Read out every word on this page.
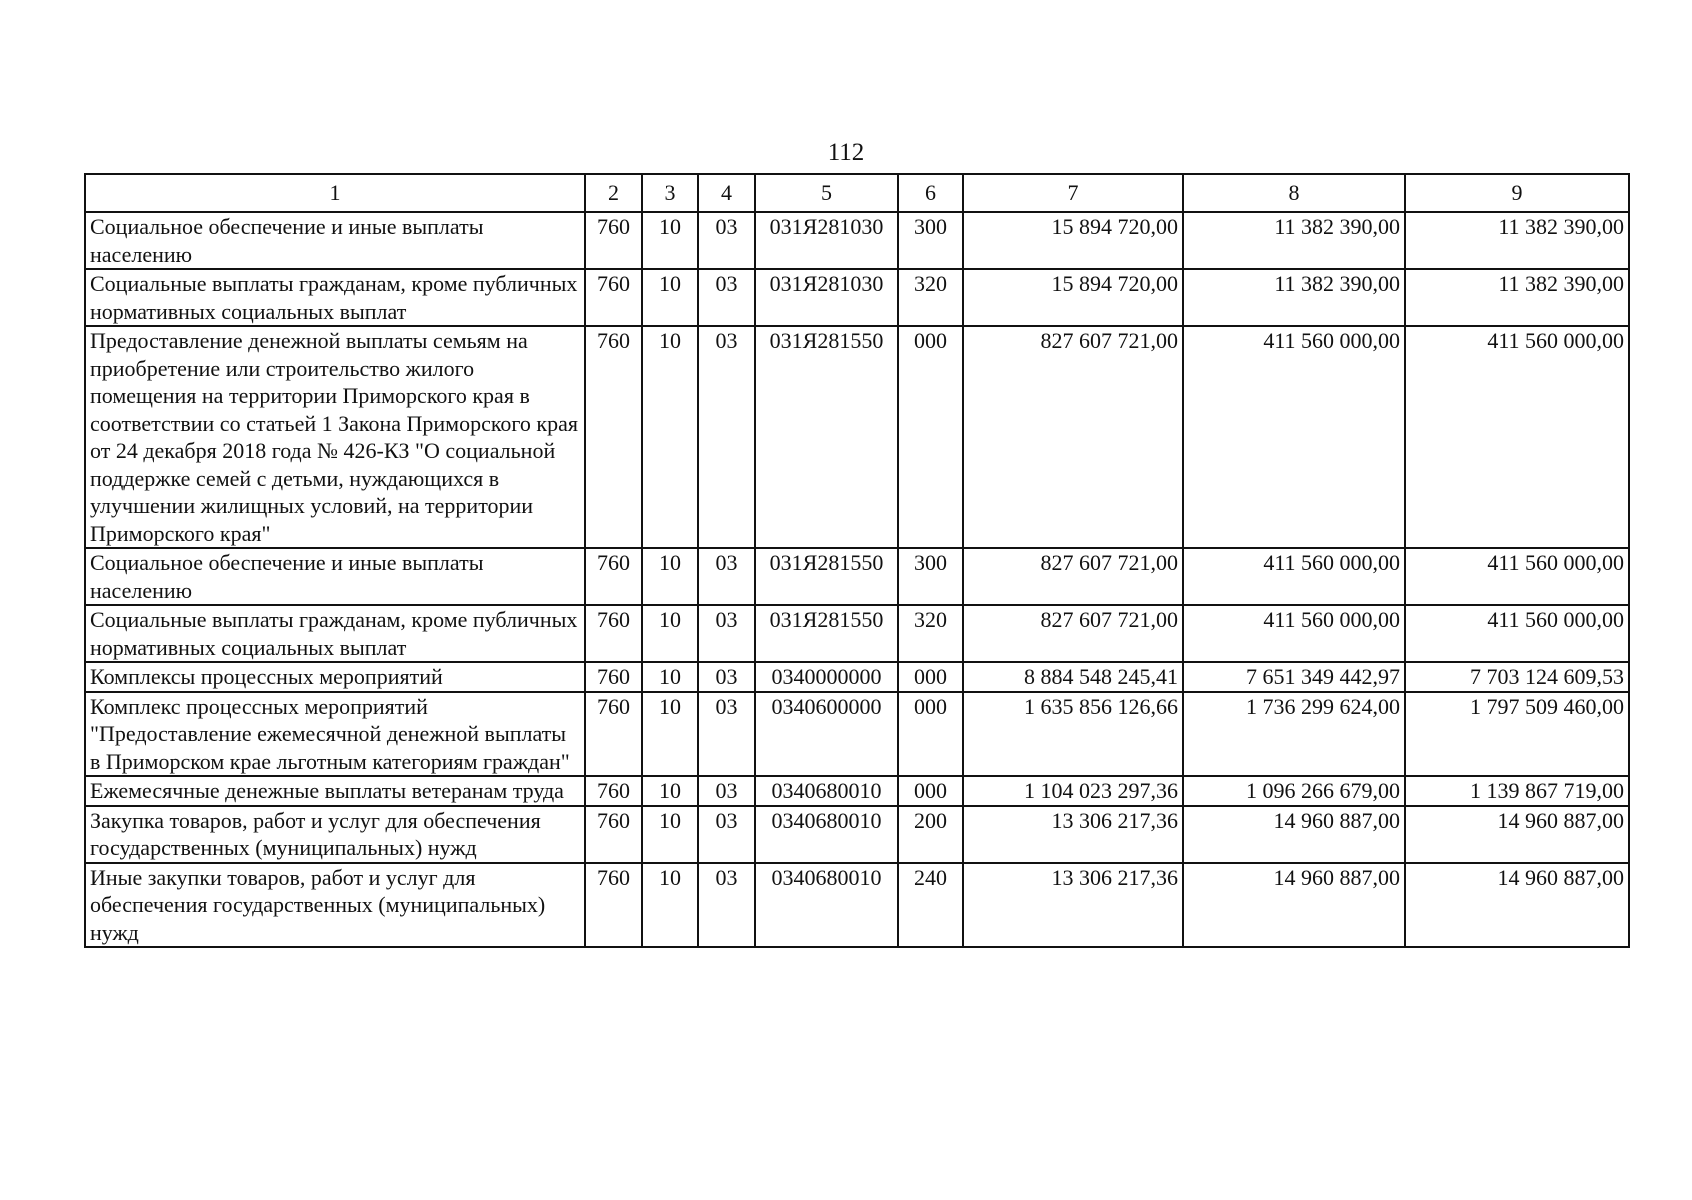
112
1	2	3	4	5	6	7	8	9
Социальное обеспечение и иные выплаты населению	760	10	03	031Я281030	300	15 894 720,00	11 382 390,00	11 382 390,00
Социальные выплаты гражданам, кроме публичных нормативных социальных выплат	760	10	03	031Я281030	320	15 894 720,00	11 382 390,00	11 382 390,00
Предоставление денежной выплаты семьям на приобретение или строительство жилого помещения на территории Приморского края в соответствии со статьей 1 Закона Приморского края от 24 декабря 2018 года № 426-КЗ "О социальной поддержке семей с детьми, нуждающихся в улучшении жилищных условий, на территории Приморского края"	760	10	03	031Я281550	000	827 607 721,00	411 560 000,00	411 560 000,00
Социальное обеспечение и иные выплаты населению	760	10	03	031Я281550	300	827 607 721,00	411 560 000,00	411 560 000,00
Социальные выплаты гражданам, кроме публичных нормативных социальных выплат	760	10	03	031Я281550	320	827 607 721,00	411 560 000,00	411 560 000,00
Комплексы процессных мероприятий	760	10	03	0340000000	000	8 884 548 245,41	7 651 349 442,97	7 703 124 609,53
Комплекс процессных мероприятий "Предоставление ежемесячной денежной выплаты в Приморском крае льготным категориям граждан"	760	10	03	0340600000	000	1 635 856 126,66	1 736 299 624,00	1 797 509 460,00
Ежемесячные денежные выплаты ветеранам труда	760	10	03	0340680010	000	1 104 023 297,36	1 096 266 679,00	1 139 867 719,00
Закупка товаров, работ и услуг для обеспечения государственных (муниципальных) нужд	760	10	03	0340680010	200	13 306 217,36	14 960 887,00	14 960 887,00
Иные закупки товаров, работ и услуг для обеспечения государственных (муниципальных) нужд	760	10	03	0340680010	240	13 306 217,36	14 960 887,00	14 960 887,00
